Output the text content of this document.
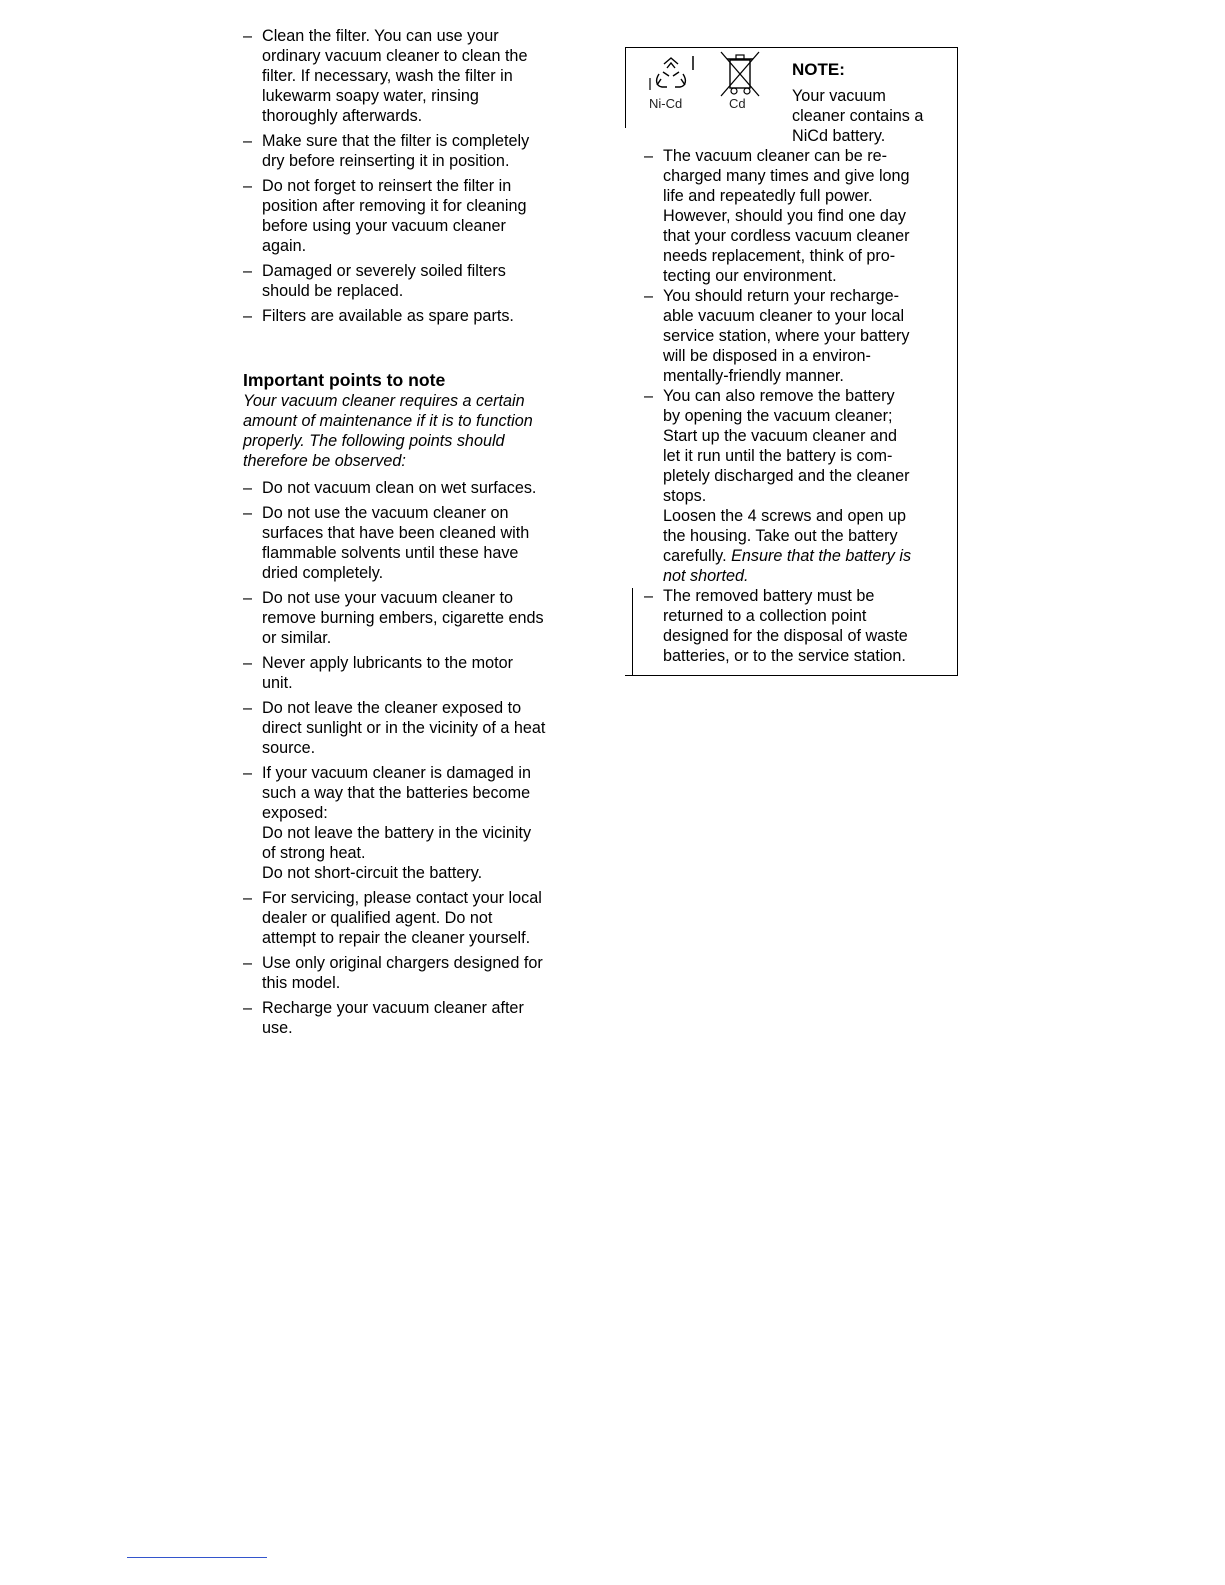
– Clean the filter. You can use your
ordinary vacuum cleaner to clean the
filter. If necessary, wash the filter in
lukewarm soapy water, rinsing
thoroughly afterwards.
– Make sure that the filter is completely
dry before reinserting it in position.
– Do not forget to reinsert the filter in
position after removing it for cleaning
before using your vacuum cleaner
again.
– Damaged or severely soiled filters
should be replaced.
– Filters are available as spare parts.
Important points to note
Your vacuum cleaner requires a certain
amount of maintenance if it is to function
properly. The following points should
therefore be observed:
– Do not vacuum clean on wet surfaces.
– Do not use the vacuum cleaner on
surfaces that have been cleaned with
flammable solvents until these have
dried completely.
– Do not use your vacuum cleaner to
remove burning embers, cigarette ends
or similar.
– Never apply lubricants to the motor
unit.
– Do not leave the cleaner exposed to
direct sunlight or in the vicinity of a heat
source.
– If your vacuum cleaner is damaged in
such a way that the batteries become
exposed:
Do not leave the battery in the vicinity
of strong heat.
Do not short-circuit the battery.
– For servicing, please contact your local
dealer or qualified agent. Do not
attempt to repair the cleaner yourself.
– Use only original chargers designed for
this model.
– Recharge your vacuum cleaner after
use.
Ni-Cd	Cd
NOTE:
Your vacuum
cleaner contains a
NiCd battery.
– The vacuum cleaner can be re-
charged many times and give long
life and repeatedly full power.
However, should you find one day
that your cordless vacuum cleaner
needs replacement, think of pro-
tecting our environment.
– You should return your recharge-
able vacuum cleaner to your local
service station, where your battery
will be disposed in a environ-
mentally-friendly manner.
– You can also remove the battery
by opening the vacuum cleaner;
Start up the vacuum cleaner and
let it run until the battery is com-
pletely discharged and the cleaner
stops.
Loosen the 4 screws and open up
the housing. Take out the battery
carefully. Ensure that the battery is
not shorted.
– The removed battery must be
returned to a collection point
designed for the disposal of waste
batteries, or to the service station.
